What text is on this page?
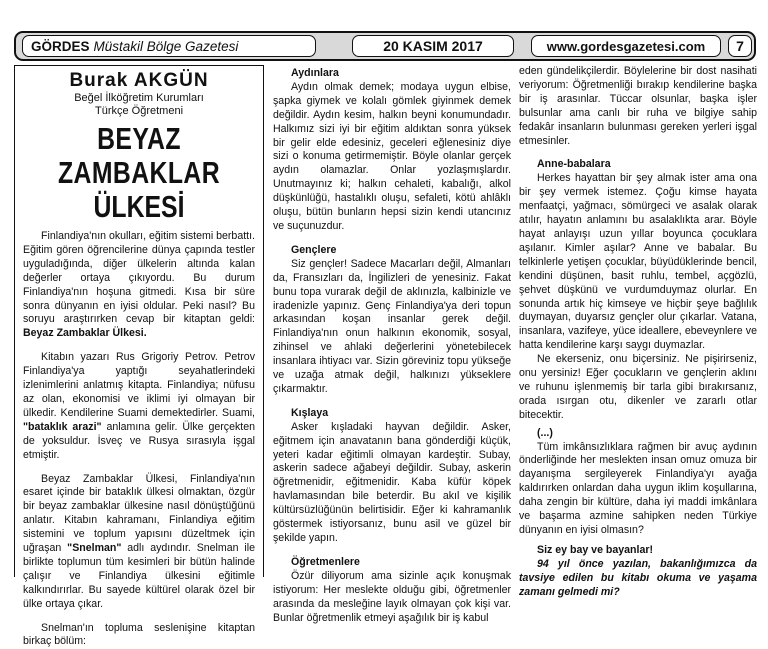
GÖRDES Müstakil Bölge Gazetesi	20 KASIM 2017	www.gordesgazetesi.com	7
Burak AKGÜN
Beğel İlköğretim Kurumları
Türkçe Öğretmeni
BEYAZ ZAMBAKLAR
ÜLKESİ

Finlandiya'nın okulları, eğitim sistemi berbattı. Eğitim gören öğrencilerine dünya çapında testler uyguladığında, diğer ülkelerin altında kalan değerler ortaya çıkıyordu. Bu durum Finlandiya'nın hoşuna gitmedi. Kısa bir süre sonra dünyanın en iyisi oldular. Peki nasıl? Bu soruyu araştırırken cevap bir kitaptan geldi: Beyaz Zambaklar Ülkesi.

Kitabın yazarı Rus Grigoriy Petrov. Petrov Finlandiya'ya yaptığı seyahatlerindeki izlenimlerini anlatmış kitapta. Finlandiya; nüfusu az olan, ekonomisi ve iklimi iyi olmayan bir ülkedir. Kendilerine Suami demektedirler. Suami, "bataklık arazi" anlamına gelir. Ülke gerçekten de yoksuldur. İsveç ve Rusya sırasıyla işgal etmiştir.

Beyaz Zambaklar Ülkesi, Finlandiya'nın esaret içinde bir bataklık ülkesi olmaktan, özgür bir beyaz zambaklar ülkesine nasıl dönüştüğünü anlatır. Kitabın kahramanı, Finlandiya eğitim sistemini ve toplum yapısını düzeltmek için uğraşan "Snelman" adlı aydındır. Snelman ile birlikte toplumun tüm kesimleri bir bütün halinde çalışır ve Finlandiya ülkesini eğitimle kalkındırırlar. Bu sayede kültürel olarak özel bir ülke ortaya çıkar.

Snelman'ın topluma seslenişine kitaptan birkaç bölüm:

Aydınlara

Aydın olmak demek; modaya uygun elbise, şapka giymek ve kolalı gömlek giyinmek demek değildir. Aydın kesim, halkın beyni konumundadır. Halkımız sizi iyi bir eğitim aldıktan sonra yüksek bir gelir elde edesiniz, geceleri eğlenesiniz diye sizi o konuma getirmemiştir. Böyle olanlar gerçek aydın olamazlar. Onlar yozlaşmışlardır. Unutmayınız ki; halkın cehaleti, kabalığı, alkol düşkünlüğü, hastalıklı oluşu, sefaleti, kötü ahlâklı oluşu, bütün bunların hepsi sizin kendi utancınız ve suçunuzdur.

Gençlere

Siz gençler! Sadece Macarları değil, Almanları da, Fransızları da, İngilizleri de yenesiniz. Fakat bunu topa vurarak değil de aklınızla, kalbinizle ve iradenizle yapınız. Genç Finlandiya'ya deri topun arkasından koşan insanlar gerek değil. Finlandiya'nın onun halkının ekonomik, sosyal, zihinsel ve ahlaki değerlerini yönetebilecek insanlara ihtiyacı var. Sizin göreviniz topu yükseğe ve uzağa atmak değil, halkınızı yükseklere çıkarmaktır.

Kışlaya

Asker kışladaki hayvan değildir. Asker, eğitmem için anavatanın bana gönderdiği küçük, yeteri kadar eğitimli olmayan kardeştir. Subay, askerin sadece ağabeyi değildir. Subay, askerin öğretmenidir, eğitmenidir. Kaba küfür köpek havlamasından bile beterdir. Bu akıl ve kişilik kültürsüzlüğünün belirtisidir. Eğer ki kahramanlık göstermek istiyorsanız, bunu asil ve güzel bir şekilde yapın.

Öğretmenlere

Özür diliyorum ama sizinle açık konuşmak istiyorum: Her meslekte olduğu gibi, öğretmenler arasında da mesleğine layık olmayan çok kişi var. Bunlar öğretmenlik etmeyi aşağılık bir iş kabul

eden gündelikçilerdir. Böylelerine bir dost nasihati veriyorum: Öğretmenliği bırakıp kendilerine başka bir iş arasınlar. Tüccar olsunlar, başka işler bulsunlar ama canlı bir ruha ve bilgiye sahip fedakâr insanların bulunması gereken yerleri işgal etmesinler.

Anne-babalara

Herkes hayattan bir şey almak ister ama ona bir şey vermek istemez. Çoğu kimse hayata menfaatçi, yağmacı, sömürgeci ve asalak olarak atılır, hayatın anlamını bu asalaklıkta arar. Böyle hayat anlayışı uzun yıllar boyunca çocuklara aşılanır. Kimler aşılar? Anne ve babalar. Bu telkinlerle yetişen çocuklar, büyüdüklerinde bencil, kendini düşünen, basit ruhlu, tembel, açgözlü, şehvet düşkünü ve vurdumduymaz olurlar. En sonunda artık hiç kimseye ve hiçbir şeye bağlılık duymayan, duyarsız gençler olur çıkarlar. Vatana, insanlara, vazifeye, yüce ideallere, ebeveynlere ve hatta kendilerine karşı saygı duymazlar.

Ne ekerseniz, onu biçersiniz. Ne pişirirseniz, onu yersiniz! Eğer çocukların ve gençlerin aklını ve ruhunu işlenmemiş bir tarla gibi bırakırsanız, orada ısırgan otu, dikenler ve zararlı otlar bitecektir.

(...)

Tüm imkânsızlıklara rağmen bir avuç aydının önderliğinde her meslekten insan omuz omuza bir dayanışma sergileyerek Finlandiya'yı ayağa kaldırırken onlardan daha uygun iklim koşullarına, daha zengin bir kültüre, daha iyi maddi imkânlara ve başarma azmine sahipken neden Türkiye dünyanın en iyisi olmasın?

Siz ey bay ve bayanlar!

94 yıl önce yazılan, bakanlığımızca da tavsiye edilen bu kitabı okuma ve yaşama zamanı gelmedi mi?
